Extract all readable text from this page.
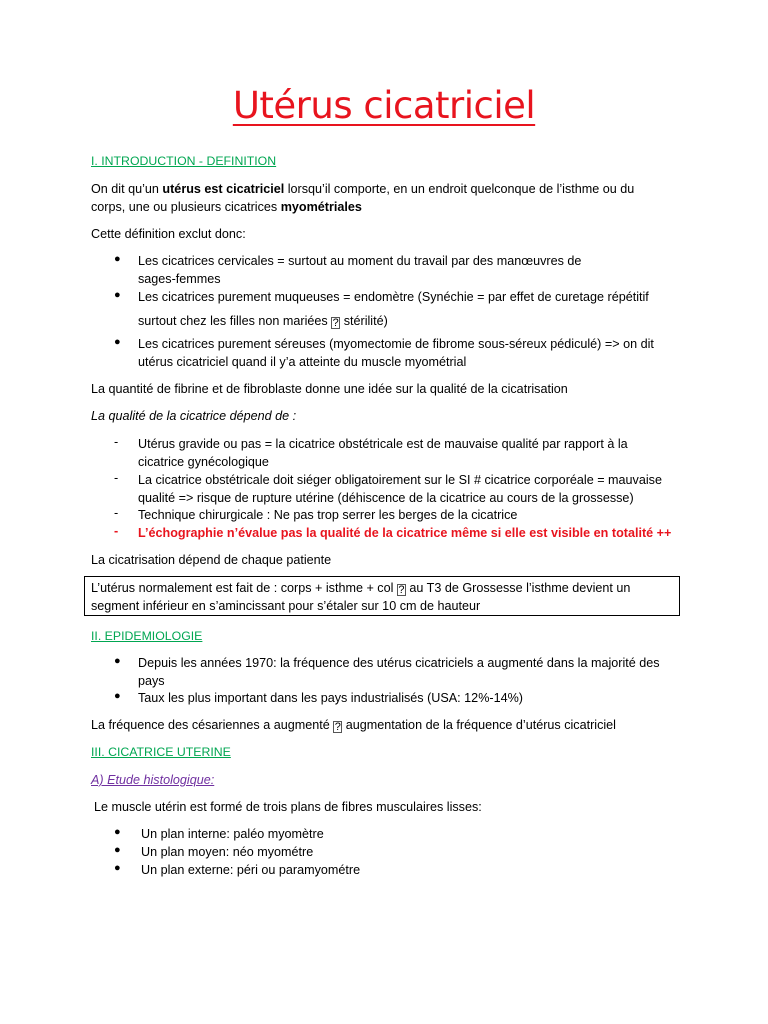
Utérus cicatriciel
I. INTRODUCTION - DEFINITION
On dit qu’un utérus est cicatriciel lorsqu’il comporte, en un endroit quelconque de l’isthme ou du
corps, une ou plusieurs cicatrices myométriales
Cette définition exclut donc:
● Les cicatrices cervicales = surtout au moment du travail par des manœuvres de
sages-femmes
● Les cicatrices purement muqueuses = endomètre (Synéchie = par effet de curetage répétitif
surtout chez les filles non mariées ? stérilité)
● Les cicatrices purement séreuses (myomectomie de fibrome sous-séreux pédiculé) => on dit
utérus cicatriciel quand il y’a atteinte du muscle myométrial
La quantité de fibrine et de fibroblaste donne une idée sur la qualité de la cicatrisation
La qualité de la cicatrice dépend de :
- Utérus gravide ou pas = la cicatrice obstétricale est de mauvaise qualité par rapport à la
cicatrice gynécologique
- La cicatrice obstétricale doit siéger obligatoirement sur le SI # cicatrice corporéale = mauvaise
qualité => risque de rupture utérine (déhiscence de la cicatrice au cours de la grossesse)
- Technique chirurgicale : Ne pas trop serrer les berges de la cicatrice
- L’échographie n’évalue pas la qualité de la cicatrice même si elle est visible en totalité ++
La cicatrisation dépend de chaque patiente
L’utérus normalement est fait de : corps + isthme + col ? au T3 de Grossesse l’isthme devient un
segment inférieur en s’amincissant pour s’étaler sur 10 cm de hauteur
II. EPIDEMIOLOGIE
● Depuis les années 1970: la fréquence des utérus cicatriciels a augmenté dans la majorité des
pays
● Taux les plus important dans les pays industrialisés (USA: 12%-14%)
La fréquence des césariennes a augmenté ? augmentation de la fréquence d’utérus cicatriciel
III. CICATRICE UTERINE
A) Etude histologique:
Le muscle utérin est formé de trois plans de fibres musculaires lisses:
● Un plan interne: paléo myomètre
● Un plan moyen: néo myométre
● Un plan externe: péri ou paramyométre
